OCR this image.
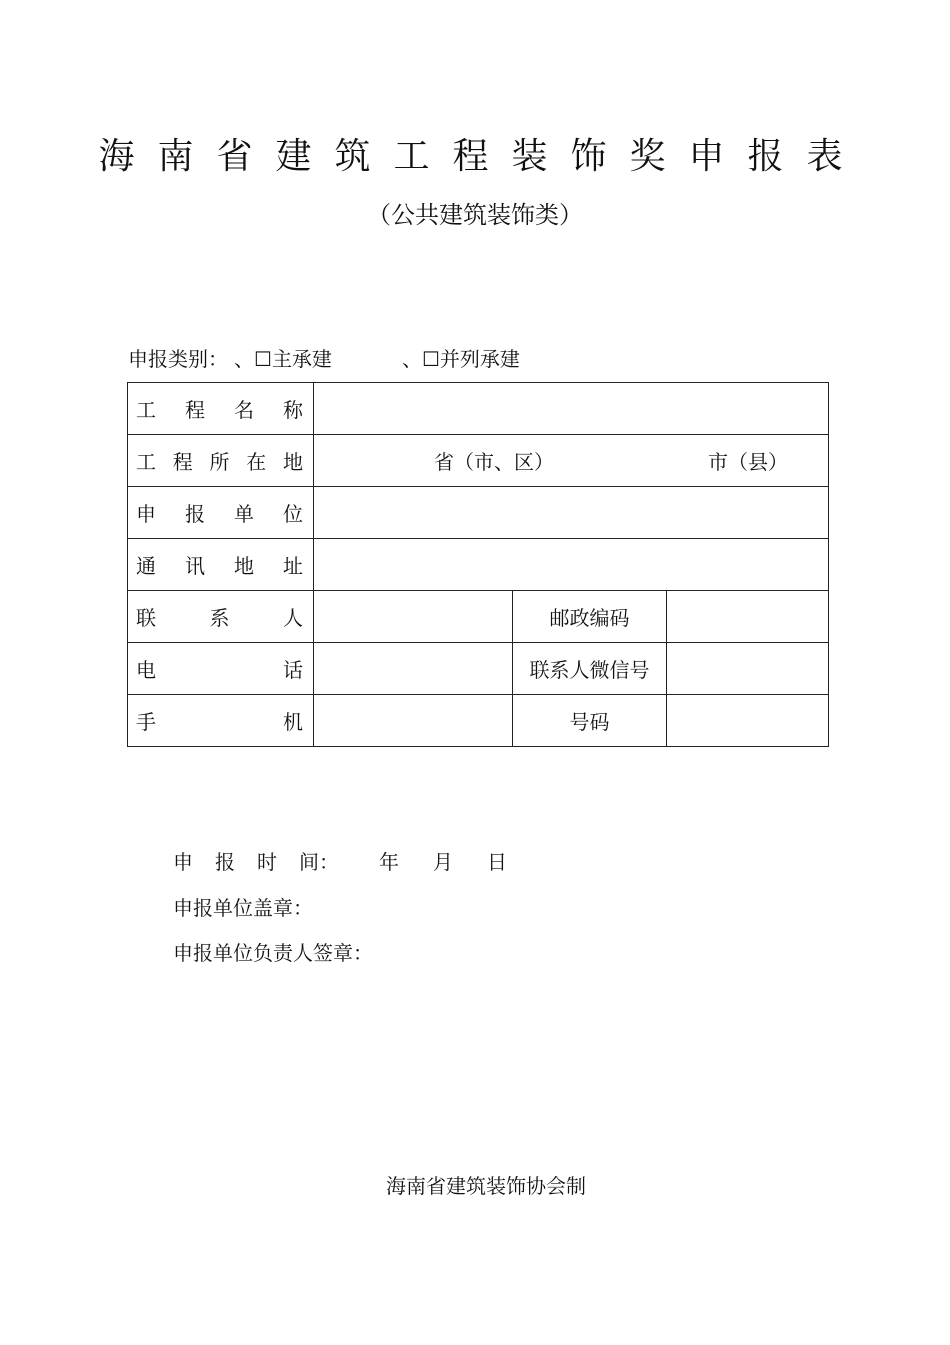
海南省建筑工程装饰奖申报表
（公共建筑装饰类）
申报类别： 、☐主承建	、☐并列承建
工 程 名 称			

工 程 所 在 地	省（市、区） 市（县）		

申 报 单 位			

通 讯 地 址			

联 系 人		邮政编码	

电 话		联系人微信号	

手 机		号码	
申 报 时 间： 年 月 日
申报单位盖章：
申报单位负责人签章：
海南省建筑装饰协会制
